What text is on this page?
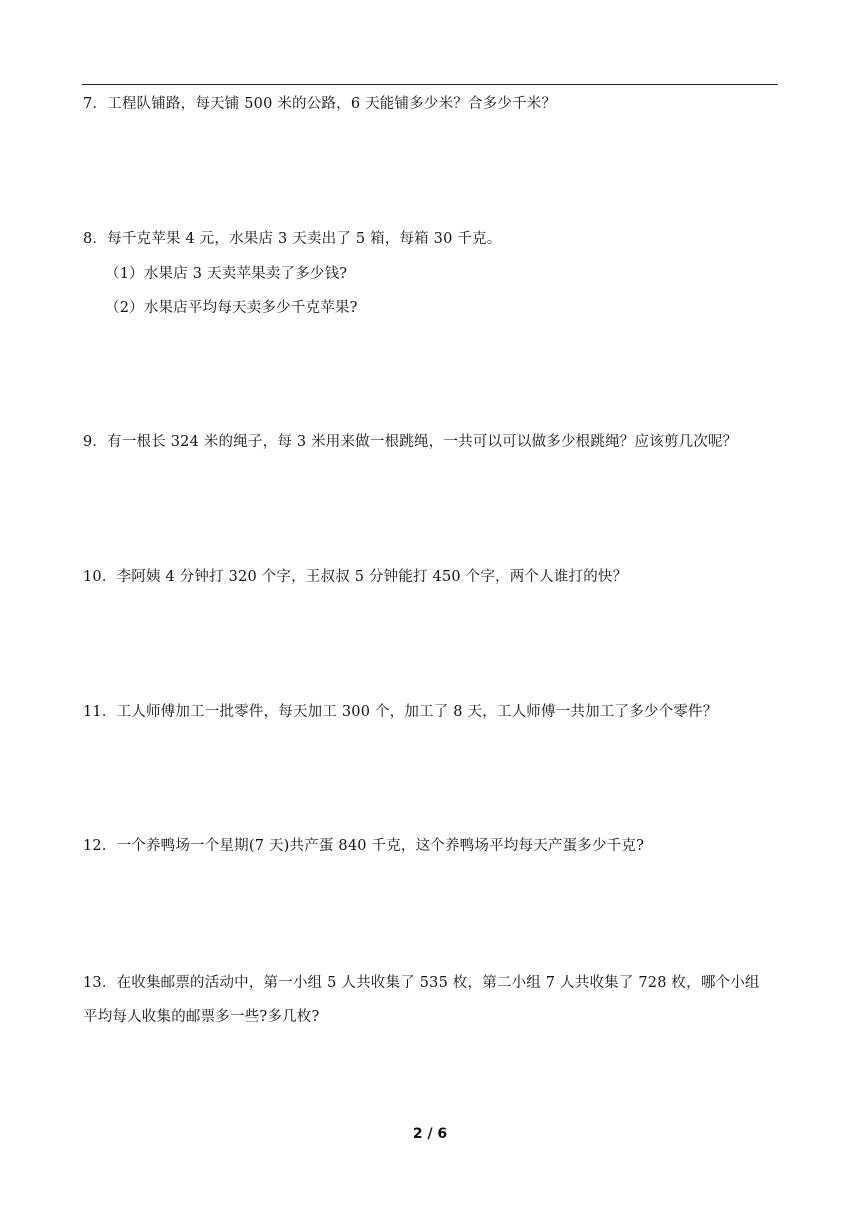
7．工程队铺路，每天铺 500 米的公路，6 天能铺多少米？合多少千米？
8．每千克苹果 4 元，水果店 3 天卖出了 5 箱，每箱 30 千克。
（1）水果店 3 天卖苹果卖了多少钱?
（2）水果店平均每天卖多少千克苹果?
9．有一根长 324 米的绳子，每 3 米用来做一根跳绳，一共可以可以做多少根跳绳？应该剪几次呢？
10．李阿姨 4 分钟打 320 个字，王叔叔 5 分钟能打 450 个字，两个人谁打的快？
11．工人师傅加工一批零件，每天加工 300 个，加工了 8 天，工人师傅一共加工了多少个零件？
12．一个养鸭场一个星期(7 天)共产蛋 840 千克，这个养鸭场平均每天产蛋多少千克?
13．在收集邮票的活动中，第一小组 5 人共收集了 535 枚，第二小组 7 人共收集了 728 枚，哪个小组
平均每人收集的邮票多一些?多几枚?
2 / 6
